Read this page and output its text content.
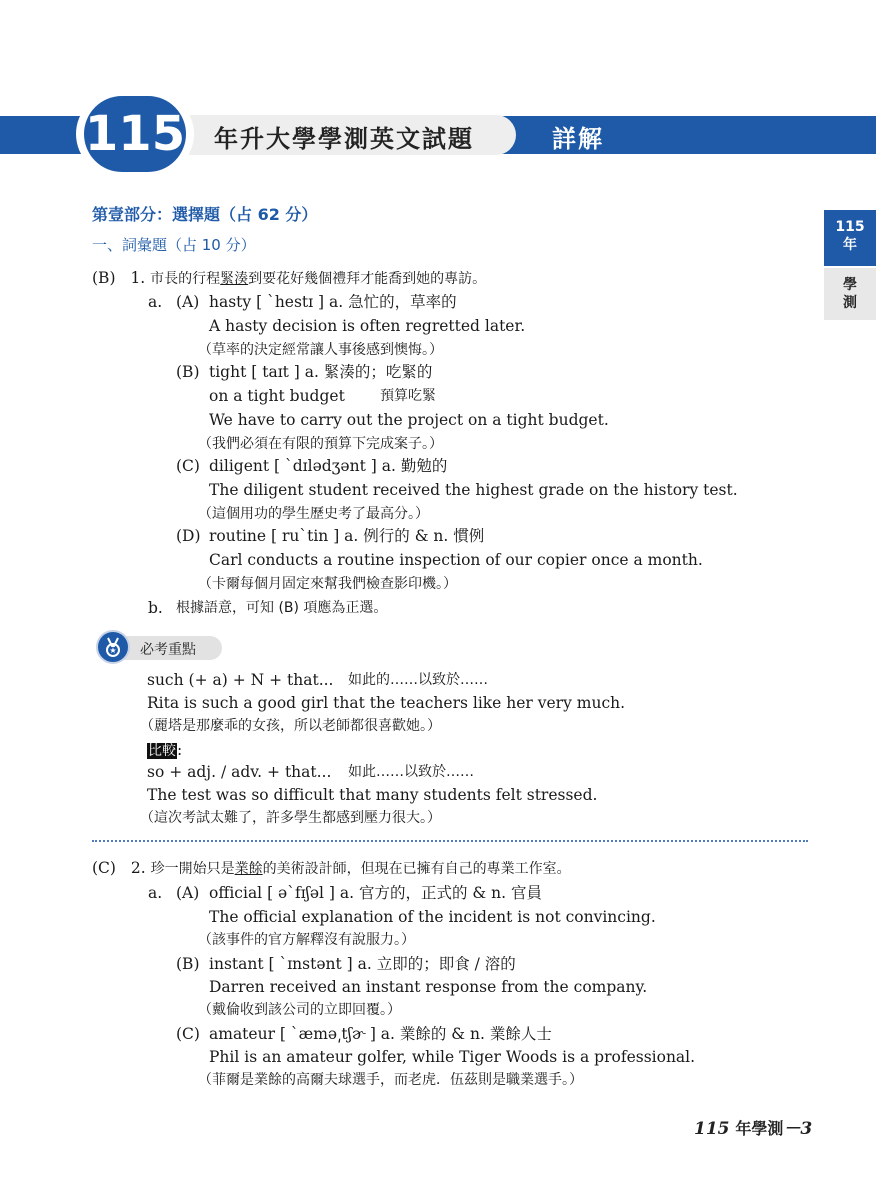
年升大學學測英文試題	詳解
115
115
年
學
測
第壹部分：選擇題（占 62 分）
一、詞彙題（占 10 分）
(B) 1. 市長的行程緊湊到要花好幾個禮拜才能喬到她的專訪。
a. (A) hasty [ ˋhestɪ ] a. 急忙的，草率的
A hasty decision is often regretted later.
（草率的決定經常讓人事後感到懊悔。）
(B) tight [ taɪt ] a. 緊湊的；吃緊的
on a tight budget	預算吃緊
We have to carry out the project on a tight budget.
（我們必須在有限的預算下完成案子。）
(C) diligent [ ˋdɪlədʒənt ] a. 勤勉的
The diligent student received the highest grade on the history test.
（這個用功的學生歷史考了最高分。）
(D) routine [ ruˋtin ] a. 例行的 & n. 慣例
Carl conducts a routine inspection of our copier once a month.
（卡爾每個月固定來幫我們檢查影印機。）
b. 根據語意，可知 (B) 項應為正選。
★ 必考重點
such (+ a) + N + that... 如此的……以致於……
Rita is such a good girl that the teachers like her very much.
（麗塔是那麼乖的女孩，所以老師都很喜歡她。）
比較:
so + adj. / adv. + that... 如此……以致於……
The test was so difficult that many students felt stressed.
（這次考試太難了，許多學生都感到壓力很大。）
(C) 2. 珍一開始只是業餘的美術設計師，但現在已擁有自己的專業工作室。
a. (A) official [ əˋfɪʃəl ] a. 官方的，正式的 & n. 官員
The official explanation of the incident is not convincing.
（該事件的官方解釋沒有說服力。）
(B) instant [ ˋɪnstənt ] a. 立即的；即食 / 溶的
Darren received an instant response from the company.
（戴倫收到該公司的立即回覆。）
(C) amateur [ ˋæmə͵tʃɚ ] a. 業餘的 & n. 業餘人士
Phil is an amateur golfer, while Tiger Woods is a professional.
（菲爾是業餘的高爾夫球選手，而老虎．伍茲則是職業選手。）
115 年學測－3
